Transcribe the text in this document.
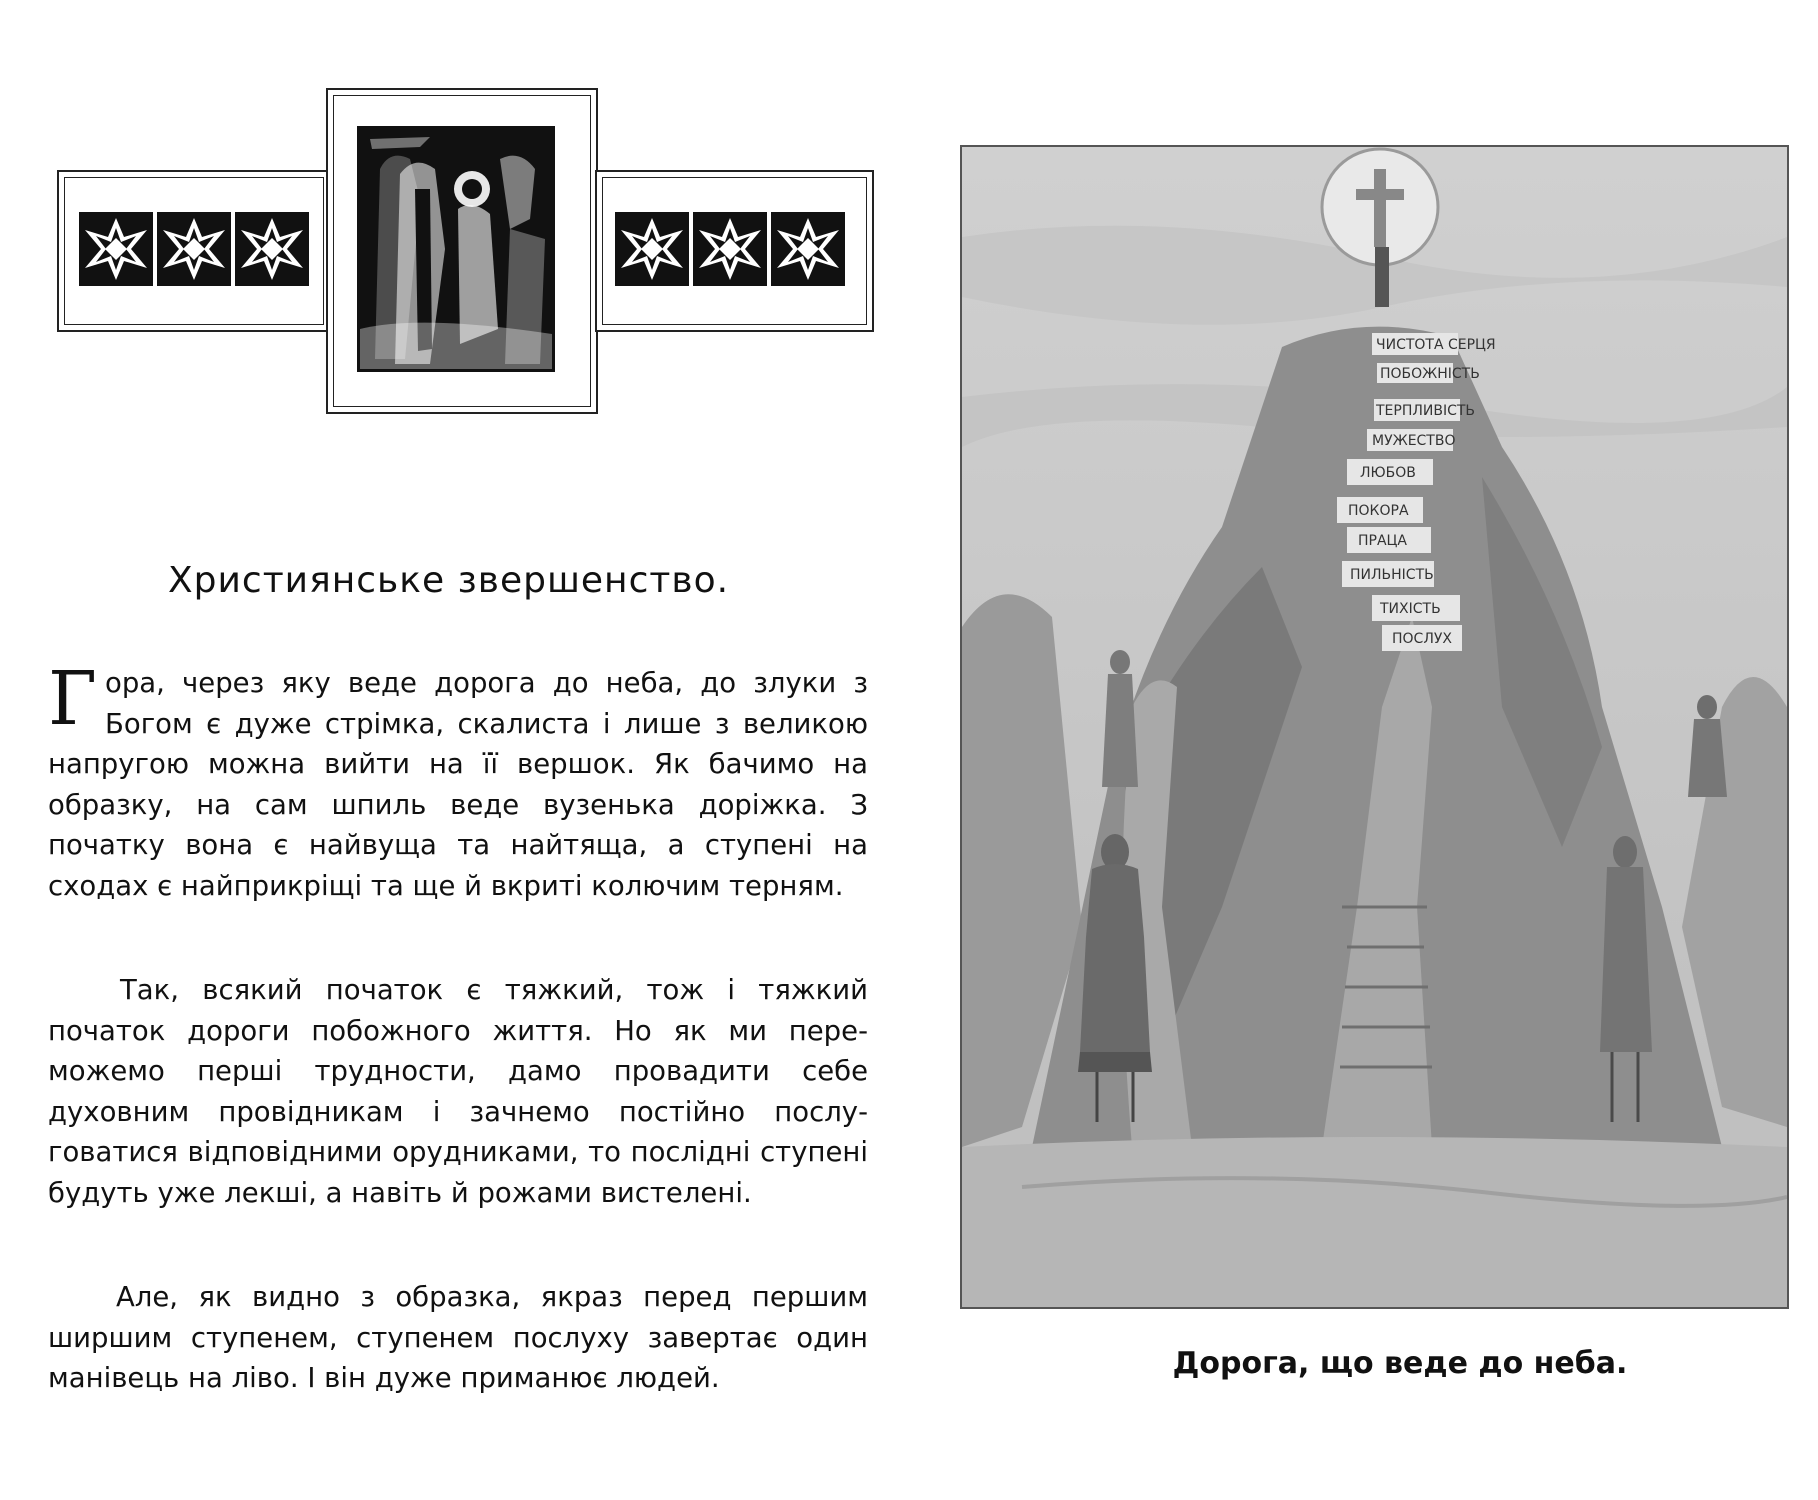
Християнське звершенство.

Гора, через яку веде дорога до неба, до злуки з Богом є дуже стрімка, скалиста і лише з великою напругою можна вийти на її вершок. Як бачимо на образку, на сам шпиль веде вузенька доріжка. З початку вона є найвуща та найтяща, а ступені на сходах є найприкріщі та ще й вкриті колючим терням.

Так, всякий початок є тяжкий, тож і тяжкий початок дороги побожного життя. Но як ми переможемо перші трудности, дамо провадити себе духовним провідникам і зачнемо постійно послуговатися відповідними орудниками, то послідні ступені будуть уже лекші, а навіть й рожами вистелені.

Але, як видно з образка, якраз перед першим ширшим ступенем, ступенем послуху завертає один манівець на ліво. І він дуже приманює людей.

ЧИСТОТА СЕРЦЯ
ПОБОЖНІСТЬ
ТЕРПЛИВІСТЬ
МУЖЕСТВО
ЛЮБОВ
ПОКОРА
ПРАЦА
ПИЛЬНІСТЬ
ТИХІСТЬ
ПОСЛУХ

Дорога, що веде до неба.
